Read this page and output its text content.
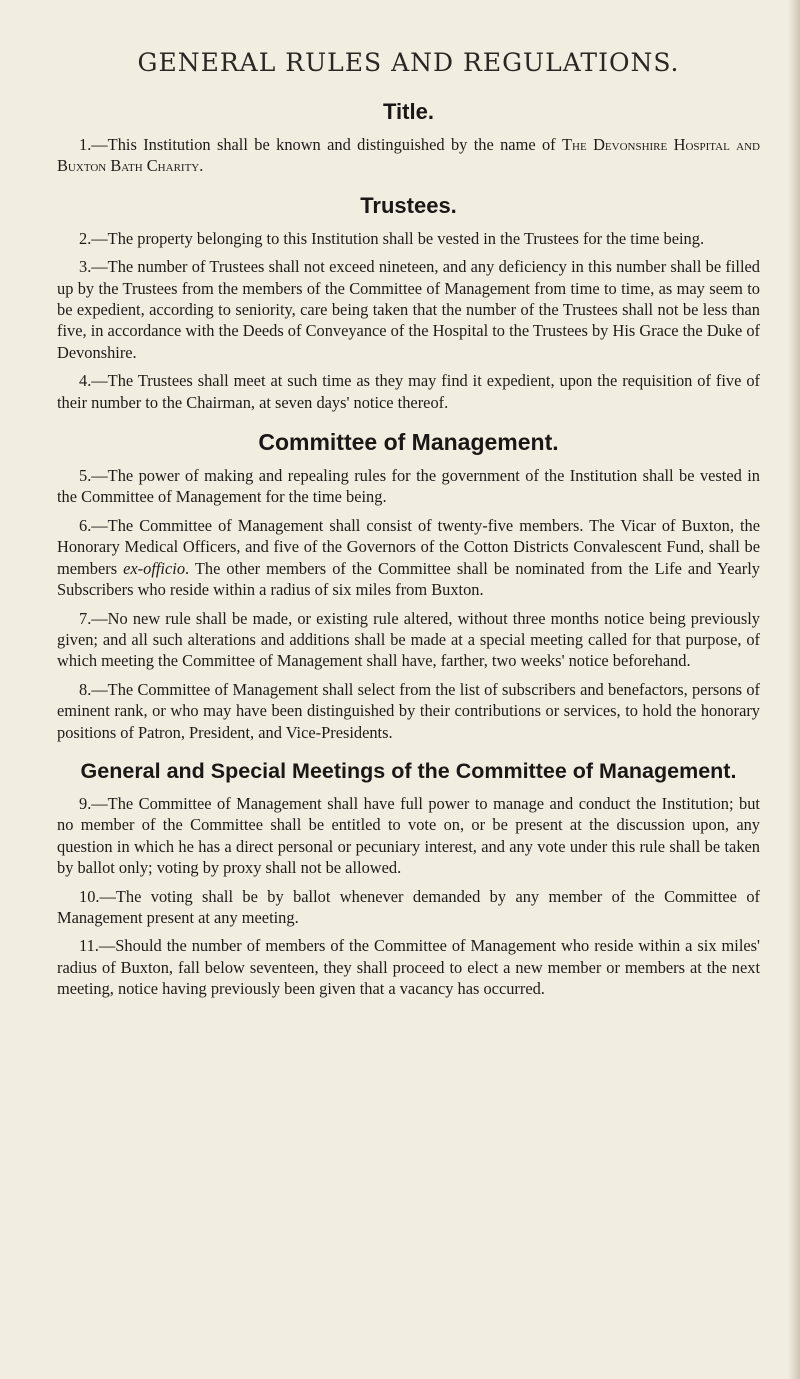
GENERAL RULES AND REGULATIONS.
Title.

1.—This Institution shall be known and distinguished by the name of The Devonshire Hospital and Buxton Bath Charity.

Trustees.

2.—The property belonging to this Institution shall be vested in the Trustees for the time being.

3.—The number of Trustees shall not exceed nineteen, and any deficiency in this number shall be filled up by the Trustees from the members of the Committee of Management from time to time, as may seem to be expedient, according to seniority, care being taken that the number of the Trustees shall not be less than five, in accordance with the Deeds of Conveyance of the Hospital to the Trustees by His Grace the Duke of Devonshire.

4.—The Trustees shall meet at such time as they may find it expedient, upon the requisition of five of their number to the Chairman, at seven days' notice thereof.

Committee of Management.

5.—The power of making and repealing rules for the government of the Institution shall be vested in the Committee of Management for the time being.

6.—The Committee of Management shall consist of twenty-five members. The Vicar of Buxton, the Honorary Medical Officers, and five of the Governors of the Cotton Districts Convalescent Fund, shall be members ex-officio. The other members of the Committee shall be nominated from the Life and Yearly Subscribers who reside within a radius of six miles from Buxton.

7.—No new rule shall be made, or existing rule altered, without three months notice being previously given; and all such alterations and additions shall be made at a special meeting called for that purpose, of which meeting the Committee of Management shall have, farther, two weeks' notice beforehand.

8.—The Committee of Management shall select from the list of subscribers and benefactors, persons of eminent rank, or who may have been distinguished by their contributions or services, to hold the honorary positions of Patron, President, and Vice-Presidents.

General and Special Meetings of the Committee of Management.

9.—The Committee of Management shall have full power to manage and conduct the Institution; but no member of the Committee shall be entitled to vote on, or be present at the discussion upon, any question in which he has a direct personal or pecuniary interest, and any vote under this rule shall be taken by ballot only; voting by proxy shall not be allowed.

10.—The voting shall be by ballot whenever demanded by any member of the Committee of Management present at any meeting.

11.—Should the number of members of the Committee of Management who reside within a six miles' radius of Buxton, fall below seventeen, they shall proceed to elect a new member or members at the next meeting, notice having previously been given that a vacancy has occurred.
